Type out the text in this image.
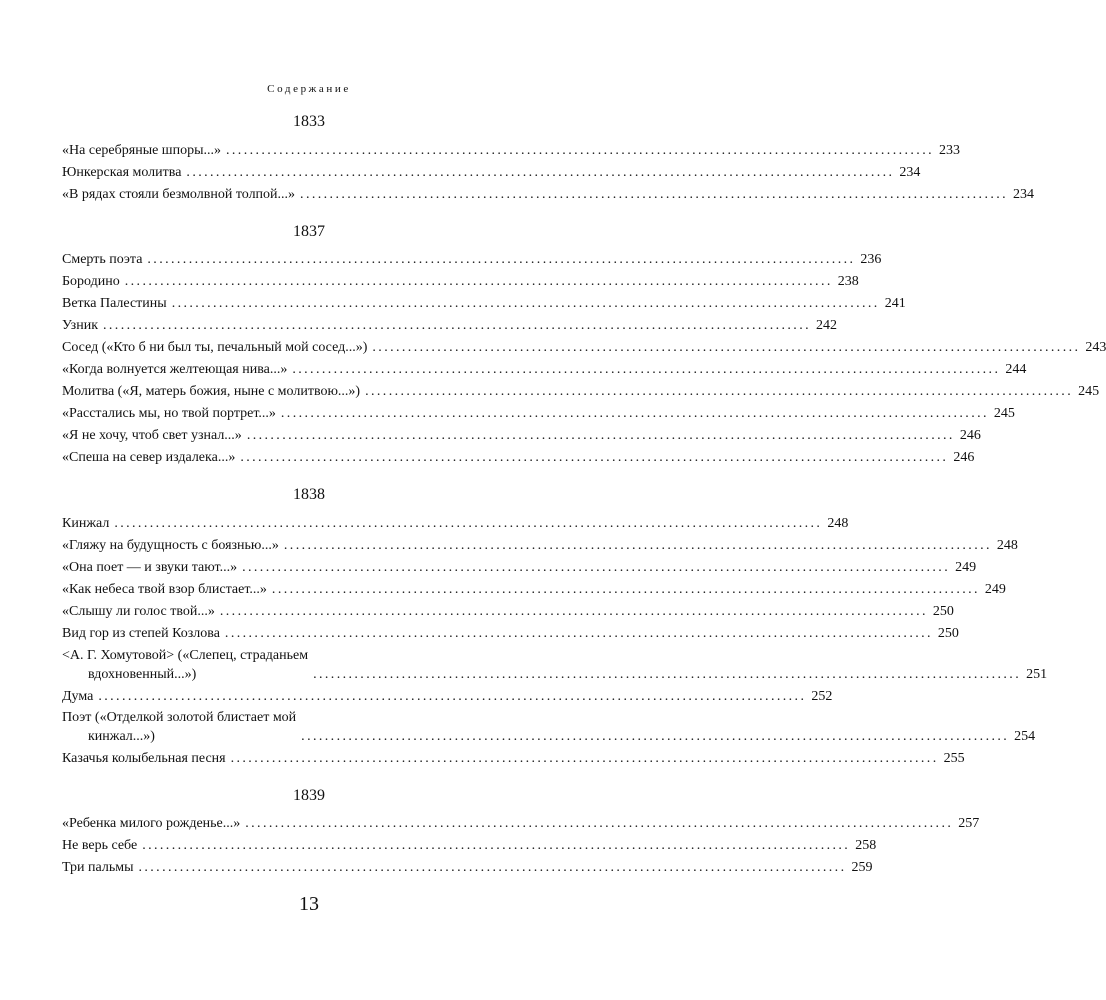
Содержание
1833
«На серебряные шпоры...» ........................................................................................................................ 233
Юнкерская молитва ........................................................................................................................ 234
«В рядах стояли безмолвной толпой...» ........................................................................................................................ 234
1837
Смерть поэта ........................................................................................................................ 236
Бородино ........................................................................................................................ 238
Ветка Палестины ........................................................................................................................ 241
Узник ........................................................................................................................ 242
Сосед («Кто б ни был ты, печальный мой сосед...») ........................................................................................................................ 243
«Когда волнуется желтеющая нива...» ........................................................................................................................ 244
Молитва («Я, матерь божия, ныне с молитвою...») ........................................................................................................................ 245
«Расстались мы, но твой портрет...» ........................................................................................................................ 245
«Я не хочу, чтоб свет узнал...» ........................................................................................................................ 246
«Спеша на север издалека...» ........................................................................................................................ 246
1838
Кинжал ........................................................................................................................ 248
«Гляжу на будущность с боязнью...» ........................................................................................................................ 248
«Она поет — и звуки тают...» ........................................................................................................................ 249
«Как небеса твой взор блистает...» ........................................................................................................................ 249
«Слышу ли голос твой...» ........................................................................................................................ 250
Вид гор из степей Козлова ........................................................................................................................ 250
<А. Г. Хомутовой> («Слепец, страданьем
вдохновенный...»)	........................................................................................................................ 251
Дума ........................................................................................................................ 252
Поэт («Отделкой золотой блистает мой
кинжал...»)	........................................................................................................................ 254
Казачья колыбельная песня ........................................................................................................................ 255
1839
«Ребенка милого рожденье...» ........................................................................................................................ 257
Не верь себе ........................................................................................................................ 258
Три пальмы ........................................................................................................................ 259
13
